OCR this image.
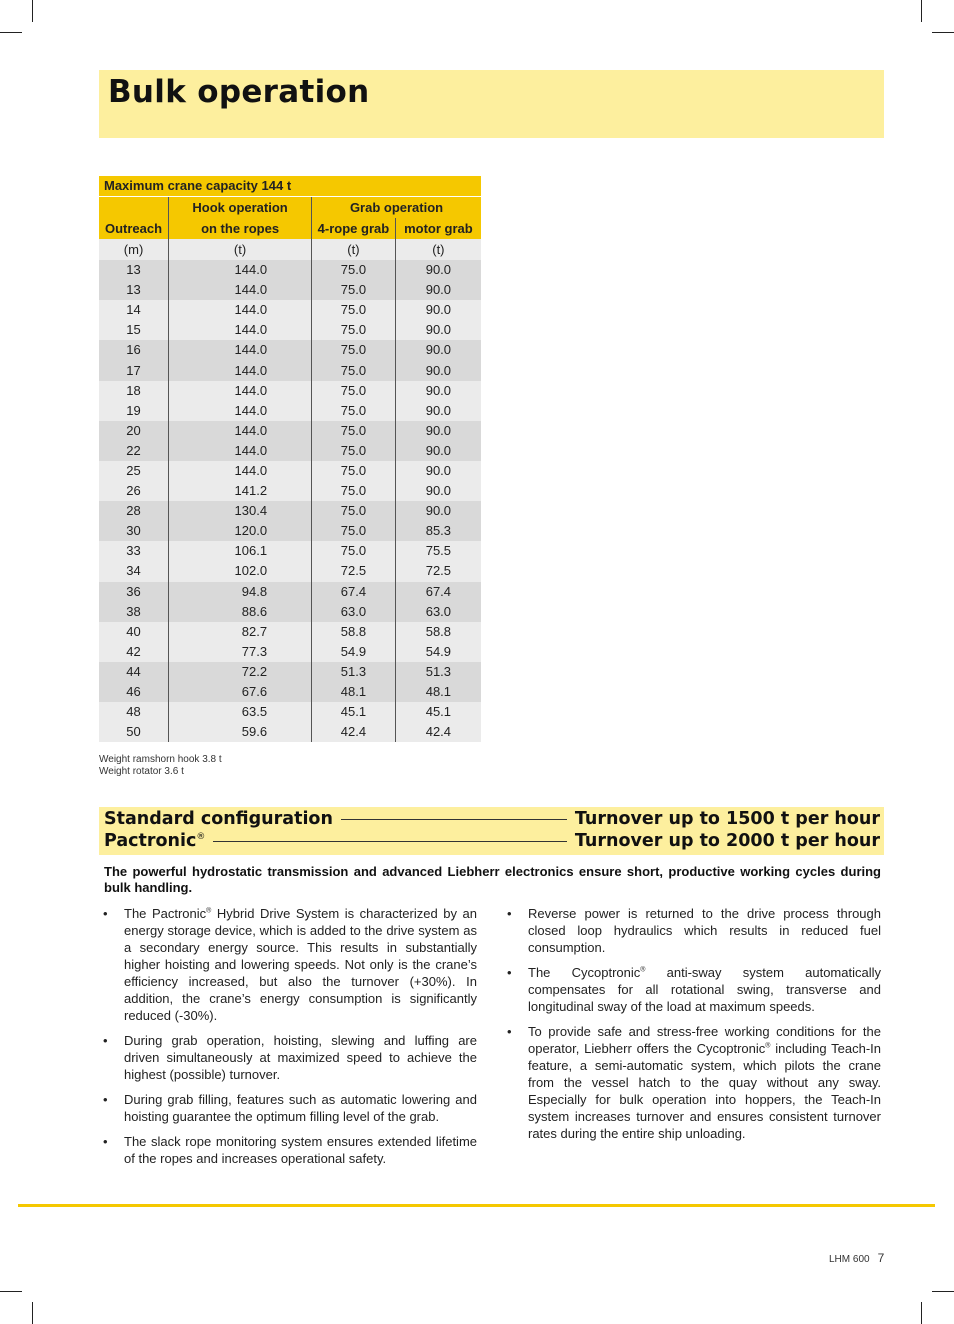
Bulk operation
Maximum crane capacity 144 t			
	Hook operation	Grab operation	
Outreach	on the ropes	4-rope grab	motor grab
(m)	(t)	(t)	(t)
13	144.0	75.0	90.0
13	144.0	75.0	90.0
14	144.0	75.0	90.0
15	144.0	75.0	90.0
16	144.0	75.0	90.0
17	144.0	75.0	90.0
18	144.0	75.0	90.0
19	144.0	75.0	90.0
20	144.0	75.0	90.0
22	144.0	75.0	90.0
25	144.0	75.0	90.0
26	141.2	75.0	90.0
28	130.4	75.0	90.0
30	120.0	75.0	85.3
33	106.1	75.0	75.5
34	102.0	72.5	72.5
36	94.8	67.4	67.4
38	88.6	63.0	63.0
40	82.7	58.8	58.8
42	77.3	54.9	54.9
44	72.2	51.3	51.3
46	67.6	48.1	48.1
48	63.5	45.1	45.1
50	59.6	42.4	42.4
Weight ramshorn hook 3.8 t
Weight rotator 3.6 t
Standard configuration	Turnover up to 1500 t per hour
Pactronic®	Turnover up to 2000 t per hour
The powerful hydrostatic transmission and advanced Liebherr electronics ensure short, productive working cycles during bulk handling.
• The Pactronic® Hybrid Drive System is characterized by an energy storage device, which is added to the drive system as a secondary energy source. This results in substantially higher hoisting and lowering speeds. Not only is the crane’s efficiency increased, but also the turnover (+30%). In addition, the crane’s energy consumption is significantly reduced (-30%).
• During grab operation, hoisting, slewing and luffing are driven simultaneously at maximized speed to achieve the highest (possible) turnover.
• During grab filling, features such as automatic lowering and hoisting guarantee the optimum filling level of the grab.
• The slack rope monitoring system ensures extended lifetime of the ropes and increases operational safety.
• Reverse power is returned to the drive process through closed loop hydraulics which results in reduced fuel consumption.
• The Cycoptronic® anti-sway system automatically compensates for all rotational swing, transverse and longitudinal sway of the load at maximum speeds.
• To provide safe and stress-free working conditions for the operator, Liebherr offers the Cycoptronic® including Teach-In feature, a semi-automatic system, which pilots the crane from the vessel hatch to the quay without any sway. Especially for bulk operation into hoppers, the Teach-In system increases turnover and ensures consistent turnover rates during the entire ship unloading.
LHM 600 7
